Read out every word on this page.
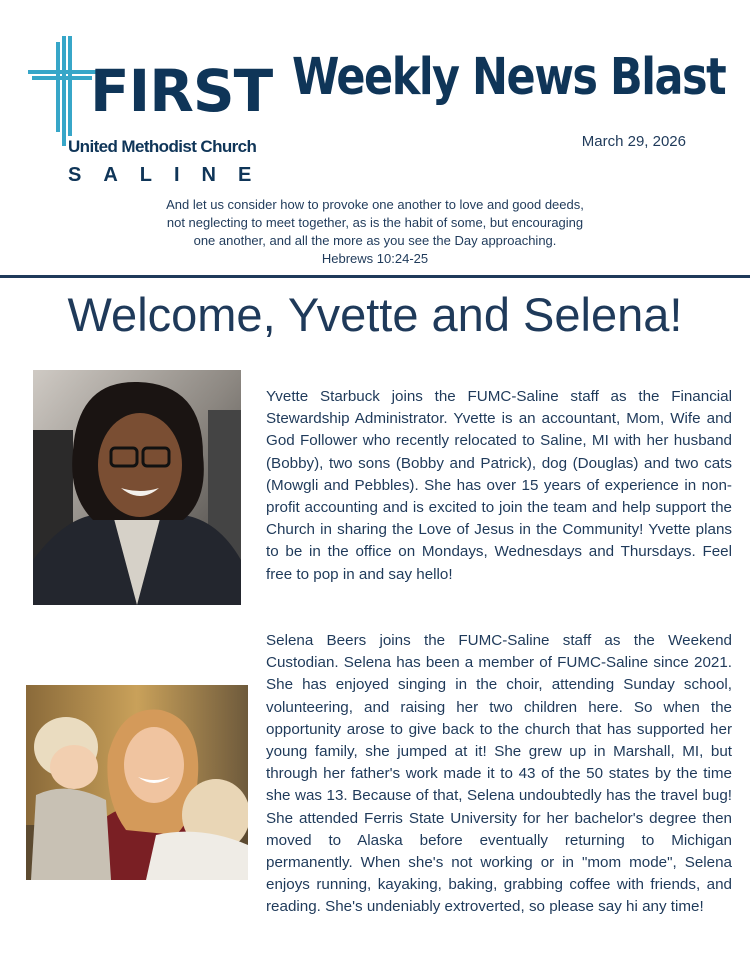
FIRST
United Methodist Church
SALINE
Weekly News Blast
March 29, 2026
And let us consider how to provoke one another to love and good deeds,
not neglecting to meet together, as is the habit of some, but encouraging
one another, and all the more as you see the Day approaching.
Hebrews 10:24-25
Welcome, Yvette and Selena!
Yvette Starbuck joins the FUMC-Saline staff as the Financial Stewardship Administrator. Yvette is an accountant, Mom, Wife and God Follower who recently relocated to Saline, MI with her husband (Bobby), two sons (Bobby and Patrick), dog (Douglas) and two cats (Mowgli and Pebbles). She has over 15 years of experience in non-profit accounting and is excited to join the team and help support the Church in sharing the Love of Jesus in the Community! Yvette plans to be in the office on Mondays, Wednesdays and Thursdays. Feel free to pop in and say hello!
Selena Beers joins the FUMC-Saline staff as the Weekend Custodian. Selena has been a member of FUMC-Saline since 2021. She has enjoyed singing in the choir, attending Sunday school, volunteering, and raising her two children here. So when the opportunity arose to give back to the church that has supported her young family, she jumped at it! She grew up in Marshall, MI, but through her father's work made it to 43 of the 50 states by the time she was 13. Because of that, Selena undoubtedly has the travel bug! She attended Ferris State University for her bachelor's degree then moved to Alaska before eventually returning to Michigan permanently. When she's not working or in "mom mode", Selena enjoys running, kayaking, baking, grabbing coffee with friends, and reading. She's undeniably extroverted, so please say hi any time!
